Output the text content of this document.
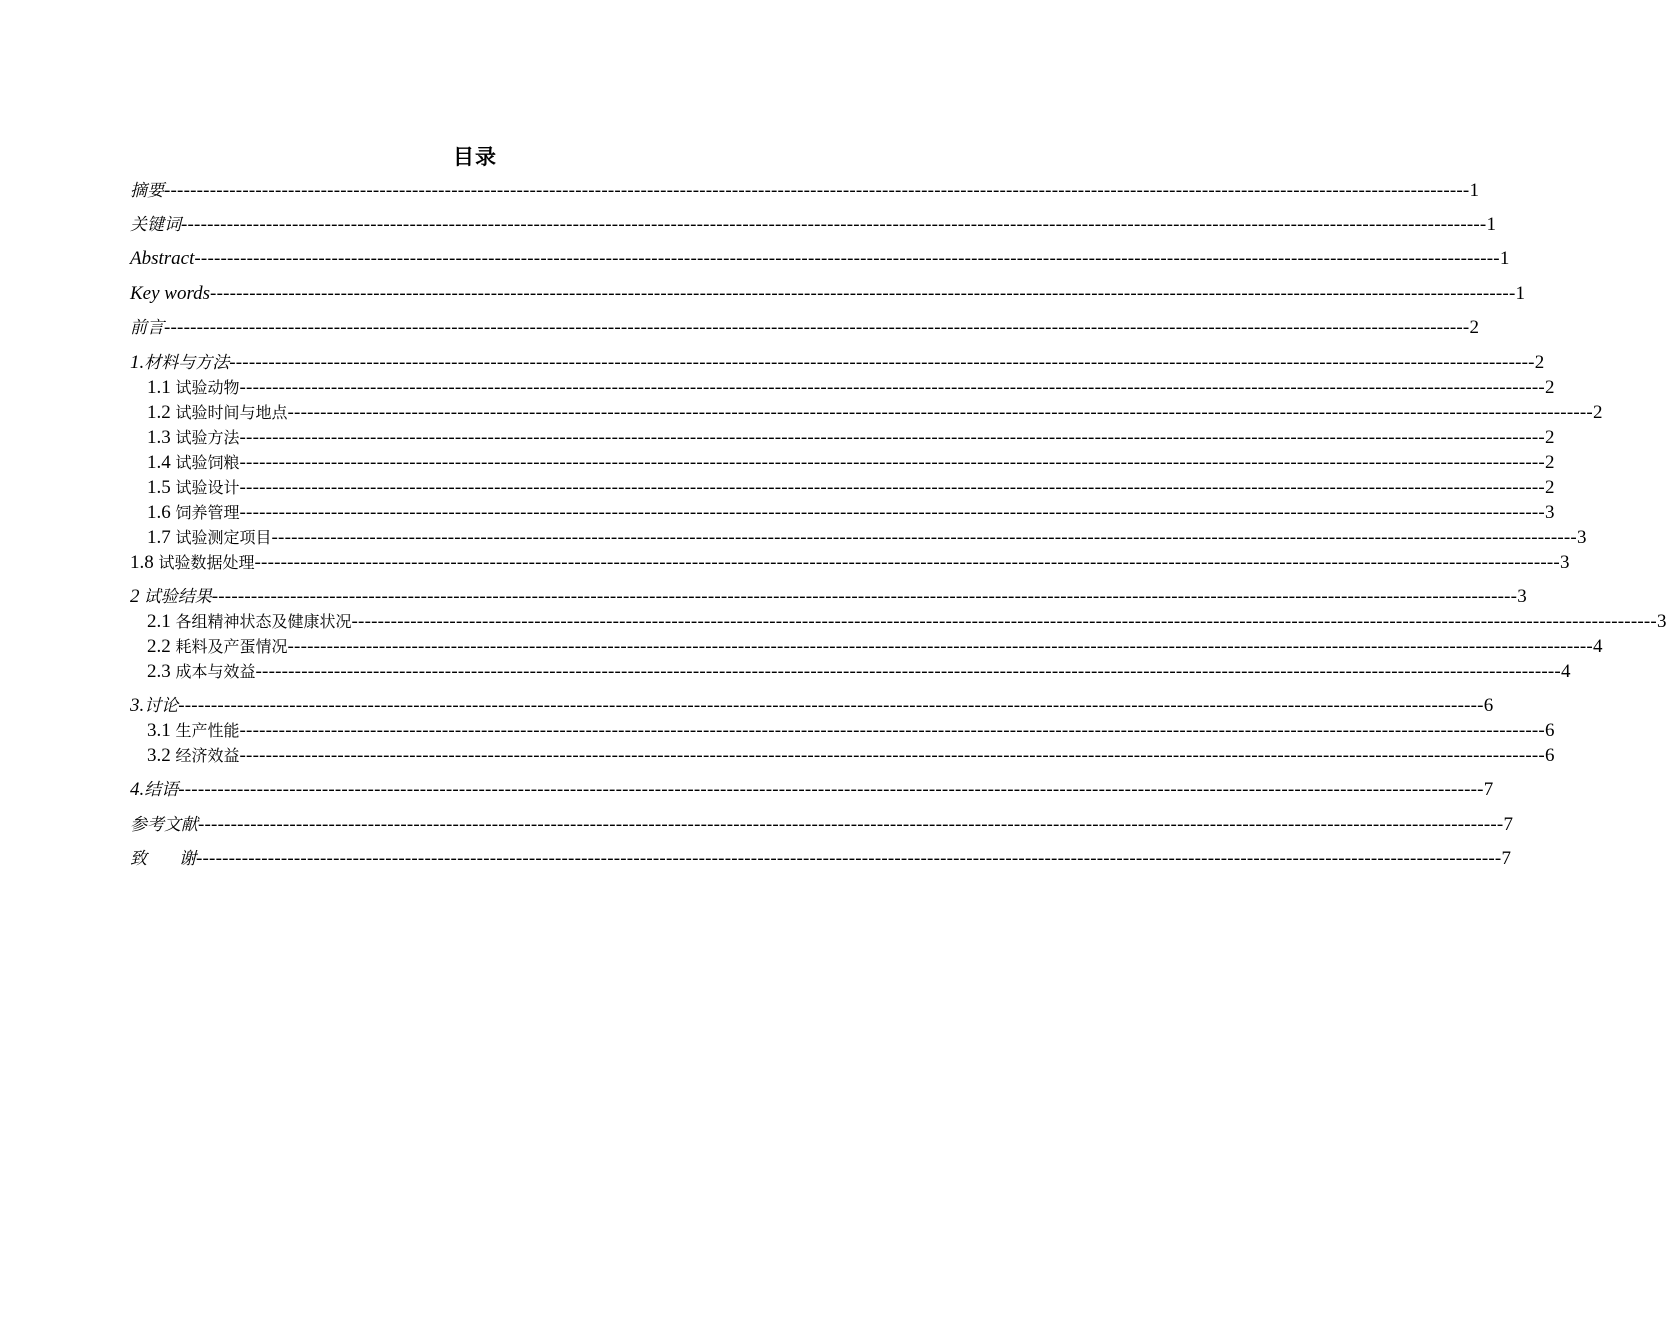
目录
摘要 -------------------------------------------------------------------------------------------------------------------------------------------------------------------------------------------------------- 1
关键词 -------------------------------------------------------------------------------------------------------------------------------------------------------------------------------------------------------- 1
Abstract -------------------------------------------------------------------------------------------------------------------------------------------------------------------------------------------------------- 1
Key words -------------------------------------------------------------------------------------------------------------------------------------------------------------------------------------------------------- 1
前言 -------------------------------------------------------------------------------------------------------------------------------------------------------------------------------------------------------- 2
1.材料与方法 -------------------------------------------------------------------------------------------------------------------------------------------------------------------------------------------------------- 2
1.1 试验动物 -------------------------------------------------------------------------------------------------------------------------------------------------------------------------------------------------------- 2
1.2 试验时间与地点 -------------------------------------------------------------------------------------------------------------------------------------------------------------------------------------------------------- 2
1.3 试验方法 -------------------------------------------------------------------------------------------------------------------------------------------------------------------------------------------------------- 2
1.4 试验饲粮 -------------------------------------------------------------------------------------------------------------------------------------------------------------------------------------------------------- 2
1.5 试验设计 -------------------------------------------------------------------------------------------------------------------------------------------------------------------------------------------------------- 2
1.6 饲养管理 -------------------------------------------------------------------------------------------------------------------------------------------------------------------------------------------------------- 3
1.7 试验测定项目 -------------------------------------------------------------------------------------------------------------------------------------------------------------------------------------------------------- 3
1.8 试验数据处理 -------------------------------------------------------------------------------------------------------------------------------------------------------------------------------------------------------- 3
2 试验结果 -------------------------------------------------------------------------------------------------------------------------------------------------------------------------------------------------------- 3
2.1 各组精神状态及健康状况 -------------------------------------------------------------------------------------------------------------------------------------------------------------------------------------------------------- 3
2.2 耗料及产蛋情况 -------------------------------------------------------------------------------------------------------------------------------------------------------------------------------------------------------- 4
2.3 成本与效益 -------------------------------------------------------------------------------------------------------------------------------------------------------------------------------------------------------- 4
3.讨论 -------------------------------------------------------------------------------------------------------------------------------------------------------------------------------------------------------- 6
3.1 生产性能 -------------------------------------------------------------------------------------------------------------------------------------------------------------------------------------------------------- 6
3.2 经济效益 -------------------------------------------------------------------------------------------------------------------------------------------------------------------------------------------------------- 6
4.结语 -------------------------------------------------------------------------------------------------------------------------------------------------------------------------------------------------------- 7
参考文献 -------------------------------------------------------------------------------------------------------------------------------------------------------------------------------------------------------- 7
致 谢 -------------------------------------------------------------------------------------------------------------------------------------------------------------------------------------------------------- 7
